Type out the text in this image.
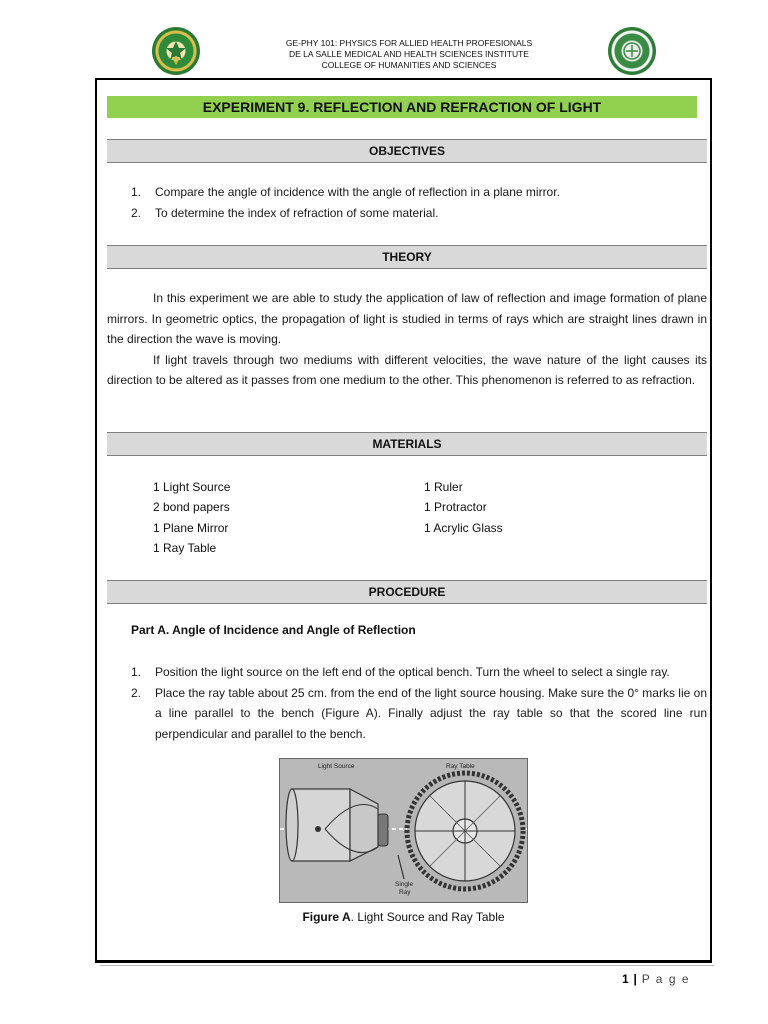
GE-PHY 101: PHYSICS FOR ALLIED HEALTH PROFESIONALS
DE LA SALLE MEDICAL AND HEALTH SCIENCES INSTITUTE
COLLEGE OF HUMANITIES AND SCIENCES
EXPERIMENT 9. REFLECTION AND REFRACTION OF LIGHT
OBJECTIVES
1. Compare the angle of incidence with the angle of reflection in a plane mirror.
2. To determine the index of refraction of some material.
THEORY

In this experiment we are able to study the application of law of reflection and image formation of plane mirrors. In geometric optics, the propagation of light is studied in terms of rays which are straight lines drawn in the direction the wave is moving.

If light travels through two mediums with different velocities, the wave nature of the light causes its direction to be altered as it passes from one medium to the other. This phenomenon is referred to as refraction.

MATERIALS
1 Light Source
2 bond papers
1 Plane Mirror
1 Ray Table
1 Ruler
1 Protractor
1 Acrylic Glass
PROCEDURE
Part A. Angle of Incidence and Angle of Reflection
1. Position the light source on the left end of the optical bench. Turn the wheel to select a single ray.
2. Place the ray table about 25 cm. from the end of the light source housing. Make sure the 0° marks lie on a line parallel to the bench (Figure A). Finally adjust the ray table so that the scored line run perpendicular and parallel to the bench.
Light Source	Ray Table
Single
Ray
Figure A. Light Source and Ray Table
1 | P a g e
